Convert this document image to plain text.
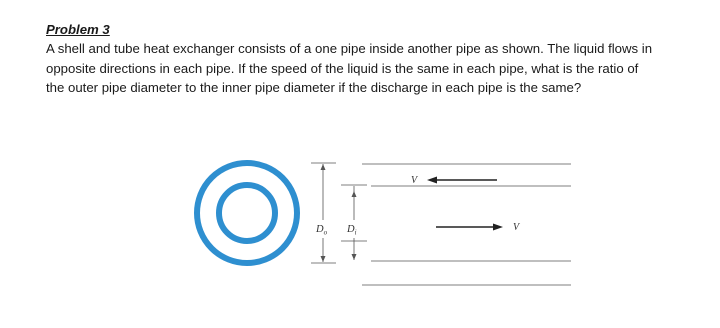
Problem 3
A shell and tube heat exchanger consists of a one pipe inside another pipe as shown. The liquid flows in
opposite directions in each pipe. If the speed of the liquid is the same in each pipe, what is the ratio of
the outer pipe diameter to the inner pipe diameter if the discharge in each pipe is the same?
$D_o$ $D_i$
V
V
